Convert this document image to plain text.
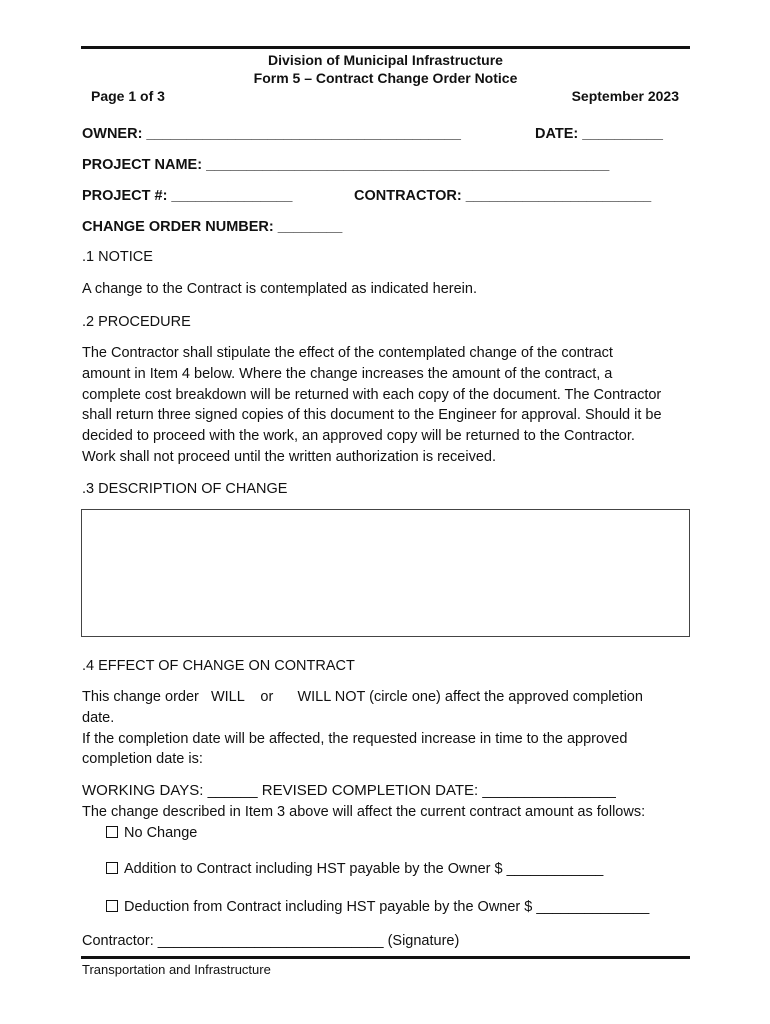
Division of Municipal Infrastructure
Form 5 – Contract Change Order Notice
Page 1 of 3	September 2023
OWNER: _______________________________________	DATE: __________
PROJECT NAME: __________________________________________________
PROJECT #: _______________	CONTRACTOR: _______________________
CHANGE ORDER NUMBER: ________
.1 NOTICE
A change to the Contract is contemplated as indicated herein.
.2 PROCEDURE
The Contractor shall stipulate the effect of the contemplated change of the contract
amount in Item 4 below. Where the change increases the amount of the contract, a
complete cost breakdown will be returned with each copy of the document. The Contractor
shall return three signed copies of this document to the Engineer for approval. Should it be
decided to proceed with the work, an approved copy will be returned to the Contractor.
Work shall not proceed until the written authorization is received.
.3 DESCRIPTION OF CHANGE
.4 EFFECT OF CHANGE ON CONTRACT
This change order   WILL    or      WILL NOT (circle one) affect the approved completion
date.
If the completion date will be affected, the requested increase in time to the approved
completion date is:
WORKING DAYS: ______ REVISED COMPLETION DATE: ________________
The change described in Item 3 above will affect the current contract amount as follows:
No Change
Addition to Contract including HST payable by the Owner $ ____________
Deduction from Contract including HST payable by the Owner $ ______________
Contractor: ____________________________ (Signature)
Transportation and Infrastructure
